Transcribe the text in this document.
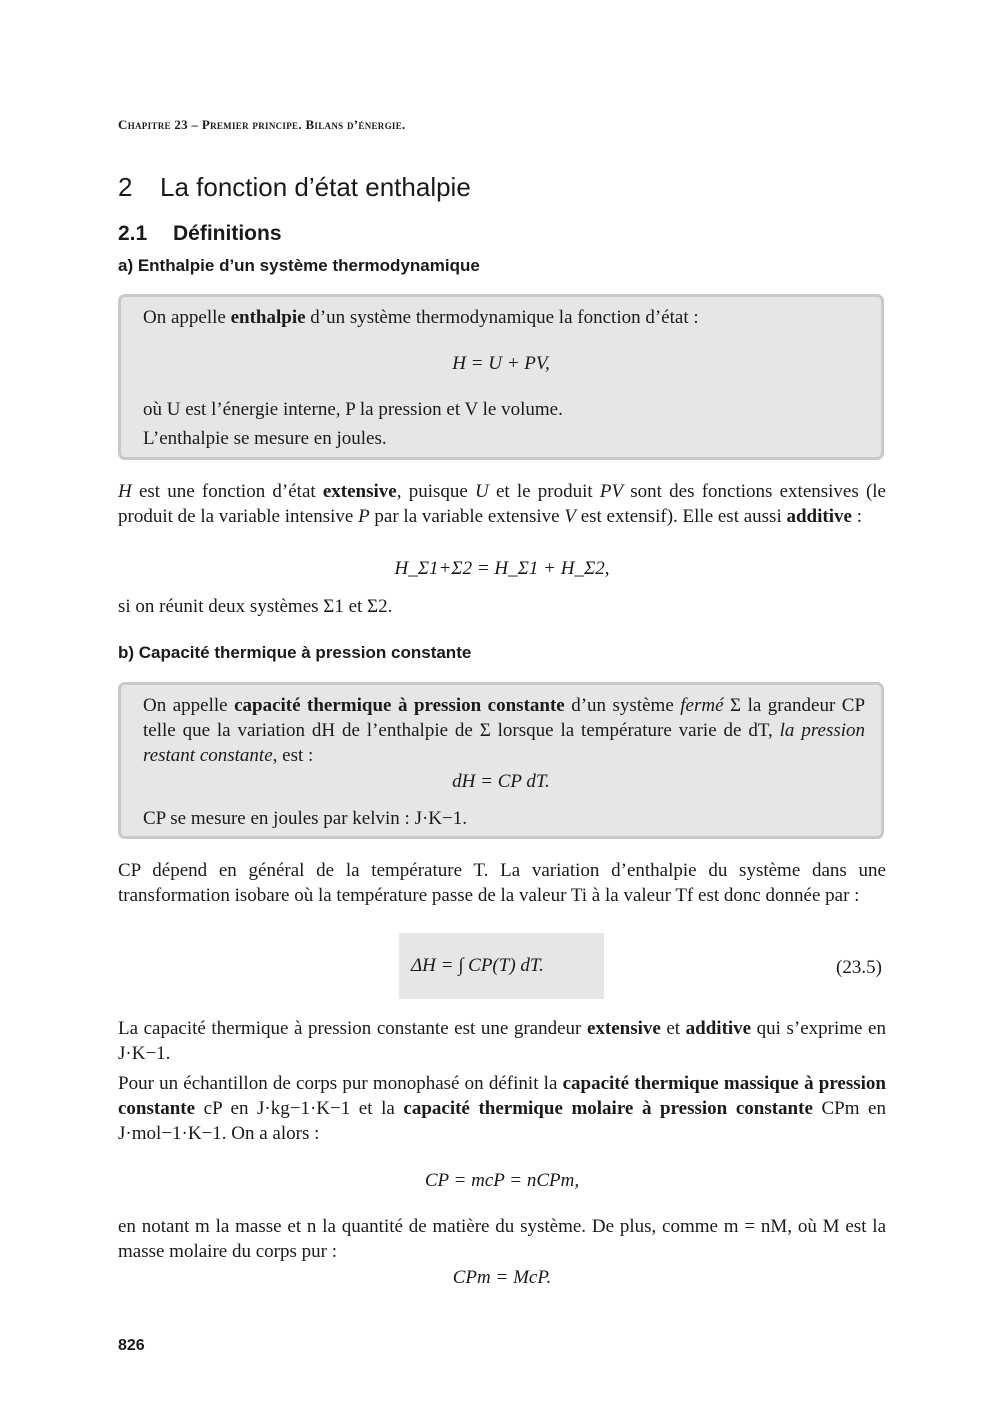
Chapitre 23 – Premier principe. Bilans d’énergie.
2 La fonction d’état enthalpie
2.1 Définitions
a) Enthalpie d’un système thermodynamique
On appelle enthalpie d’un système thermodynamique la fonction d’état :
H = U + PV,
où U est l’énergie interne, P la pression et V le volume.
L’enthalpie se mesure en joules.
H est une fonction d’état extensive, puisque U et le produit PV sont des fonctions extensives (le produit de la variable intensive P par la variable extensive V est extensif). Elle est aussi additive :
H_Σ1+Σ2 = H_Σ1 + H_Σ2,
si on réunit deux systèmes Σ1 et Σ2.
b) Capacité thermique à pression constante
On appelle capacité thermique à pression constante d’un système fermé Σ la grandeur CP telle que la variation dH de l’enthalpie de Σ lorsque la température varie de dT, la pression restant constante, est :
dH = CP dT.
CP se mesure en joules par kelvin : J·K−1.
CP dépend en général de la température T. La variation d’enthalpie du système dans une transformation isobare où la température passe de la valeur Ti à la valeur Tf est donc donnée par :
ΔH = ∫ CP(T) dT.	(23.5)
La capacité thermique à pression constante est une grandeur extensive et additive qui s’exprime en J·K−1.
Pour un échantillon de corps pur monophasé on définit la capacité thermique massique à pression constante cP en J·kg−1·K−1 et la capacité thermique molaire à pression constante CPm en J·mol−1·K−1. On a alors :
CP = mcP = nCPm,
en notant m la masse et n la quantité de matière du système. De plus, comme m = nM, où M est la masse molaire du corps pur :
CPm = McP.
826
